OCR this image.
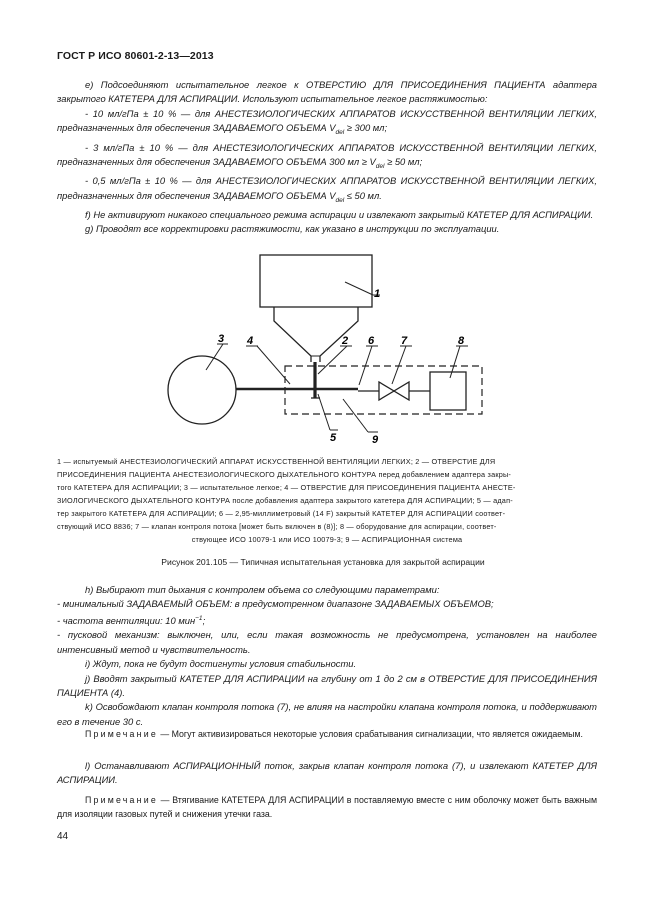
ГОСТ Р ИСО 80601-2-13—2013

е) Подсоединяют испытательное легкое к ОТВЕРСТИЮ ДЛЯ ПРИСОЕДИНЕНИЯ ПАЦИЕНТА адаптера закрытого КАТЕТЕРА ДЛЯ АСПИРАЦИИ. Используют испытательное легкое растяжимостью:

- 10 мл/гПа ± 10 % — для АНЕСТЕЗИОЛОГИЧЕСКИХ АППАРАТОВ ИСКУССТВЕННОЙ ВЕНТИЛЯЦИИ ЛЕГКИХ, предназначенных для обеспечения ЗАДАВАЕМОГО ОБЪЕМА $V_{del} \ge 300$ мл;

- 3 мл/гПа ± 10 % — для АНЕСТЕЗИОЛОГИЧЕСКИХ АППАРАТОВ ИСКУССТВЕННОЙ ВЕНТИЛЯЦИИ ЛЕГКИХ, предназначенных для обеспечения ЗАДАВАЕМОГО ОБЪЕМА 300 мл ≥ $V_{del} \ge 50$ мл;

- 0,5 мл/гПа ± 10 % — для АНЕСТЕЗИОЛОГИЧЕСКИХ АППАРАТОВ ИСКУССТВЕННОЙ ВЕНТИЛЯЦИИ ЛЕГКИХ, предназначенных для обеспечения ЗАДАВАЕМОГО ОБЪЕМА $V_{del} \le 50$ мл.

f) Не активируют никакого специального режима аспирации и извлекают закрытый КАТЕТЕР ДЛЯ АСПИРАЦИИ.

g) Проводят все корректировки растяжимости, как указано в инструкции по эксплуатации.

1
2
3 4
5
6 7	8
9
1 — испытуемый АНЕСТЕЗИОЛОГИЧЕСКИЙ АППАРАТ ИСКУССТВЕННОЙ ВЕНТИЛЯЦИИ ЛЕГКИХ; 2 — ОТВЕРСТИЕ ДЛЯ
ПРИСОЕДИНЕНИЯ ПАЦИЕНТА АНЕСТЕЗИОЛОГИЧЕСКОГО ДЫХАТЕЛЬНОГО КОНТУРА перед добавлением адаптера закры-
того КАТЕТЕРА ДЛЯ АСПИРАЦИИ; 3 — испытательное легкое; 4 — ОТВЕРСТИЕ ДЛЯ ПРИСОЕДИНЕНИЯ ПАЦИЕНТА АНЕСТЕ-
ЗИОЛОГИЧЕСКОГО ДЫХАТЕЛЬНОГО КОНТУРА после добавления адаптера закрытого катетера ДЛЯ АСПИРАЦИИ; 5 — адап-
тер закрытого КАТЕТЕРА ДЛЯ АСПИРАЦИИ; 6 — 2,95-миллиметровый (14 F) закрытый КАТЕТЕР ДЛЯ АСПИРАЦИИ соответ-
ствующий ИСО 8836; 7 — клапан контроля потока [может быть включен в (8)]; 8 — оборудование для аспирации, соответ-
ствующее ИСО 10079-1 или ИСО 10079-3; 9 — АСПИРАЦИОННАЯ система
Рисунок 201.105 — Типичная испытательная установка для закрытой аспирации

h) Выбирают тип дыхания с контролем объема со следующими параметрами:

- минимальный ЗАДАВАЕМЫЙ ОБЪЕМ: в предусмотренном диапазоне ЗАДАВАЕМЫХ ОБЪЕМОВ;

- частота вентиляции: 10 мин$^{-1}$;

- пусковой механизм: выключен, или, если такая возможность не предусмотрена, установлен на наиболее интенсивный метод и чувствительность.

i) Ждут, пока не будут достигнуты условия стабильности.

j) Вводят закрытый КАТЕТЕР ДЛЯ АСПИРАЦИИ на глубину от 1 до 2 см в ОТВЕРСТИЕ ДЛЯ ПРИСОЕДИНЕНИЯ ПАЦИЕНТА (4).

k) Освобождают клапан контроля потока (7), не влияя на настройки клапана контроля потока, и поддерживают его в течение 30 с.

Примечание — Могут активизироваться некоторые условия срабатывания сигнализации, что является ожидаемым.

l) Останавливают АСПИРАЦИОННЫЙ поток, закрыв клапан контроля потока (7), и извлекают КАТЕТЕР ДЛЯ АСПИРАЦИИ.

Примечание — Втягивание КАТЕТЕРА ДЛЯ АСПИРАЦИИ в поставляемую вместе с ним оболочку может быть важным для изоляции газовых путей и снижения утечки газа.

44
